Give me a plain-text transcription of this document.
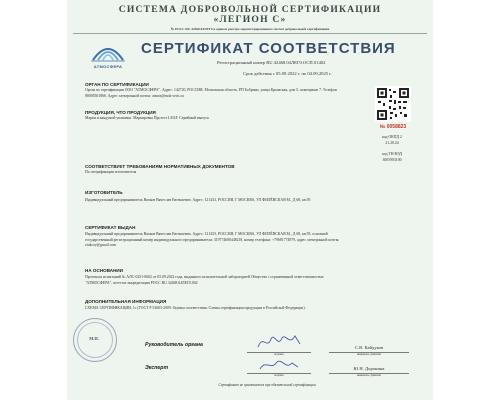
СИСТЕМА ДОБРОВОЛЬНОЙ СЕРТИФИКАЦИИ
«ЛЕГИОН С»
№ РОСС RU.З2468.04ЛЕГ0 в едином реестре зарегистрированных систем добровольной сертификации
АТМОСФЕРА
СЕРТИФИКАТ СООТВЕТСТВИЯ
Регистрационный номер RU.З2468.04ЛЕГ0.ОСП.01402
Срок действия с 05.09.2022 г. по 04.09.2025 г.
ОРГАН ПО СЕРТИФИКАЦИИ
Орган по сертификации ООО "АТМОСФЕРА". Адрес: 142720, РОССИЯ, Московская область, РП Бобрино, улица Крымская, дом 5, помещение 7. Телефон 88005501866. Адрес электронной почты: atmos@mok-serts.ru
№ 0058823
ПРОДУКЦИЯ, ЧТО ПРОДУКЦИЯ
Марки и кандумой упаковки. Маркировка Протест LEAF. Серийный выпуск
код ОКПД 2
21.20.24
код ТН ВЭД
3005903100
СООТВЕТСТВУЕТ ТРЕБОВАНИЯМ НОРМАТИВНЫХ ДОКУМЕНТОВ
По спецификации изготовителя
ИЗГОТОВИТЕЛЬ
Индивидуальный предприниматель Вяхков Вячеслав Евгеньевич. Адрес: 121433, РОССИЯ, Г МОСКВА, УЛ ФИЛЁВСКАЯ М., Д 68, кв.95
СЕРТИФИКАТ ВЫДАН
Индивидуальный предприниматель Вяхков Вячеслав Евгеньевич. Адрес: 121433, РОССИЯ, Г МОСКВА, УЛ ФИЛЁВСКАЯ М., Д 68, кв.95, основной государственный регистрационный номер индивидуального предпринимателя: 319774600448218, номер телефона: +79681774979, адрес электронной почты: viakroy@gmail.com
НА ОСНОВАНИИ
Протокола испытаний № АЛС-0251-0602 от 05.09.2022 года, выданного испытательной лабораторией Общества с ограниченной ответственностью "АТМОСФЕРА", аттестат аккредитации РОСС RU.32468.04ЛЕГ0.002
ДОПОЛНИТЕЛЬНАЯ ИНФОРМАЦИЯ
СХЕМА СЕРТИФИКАЦИИ: 1с (ГОСТ Р 53603-2009. Оценка соответствия. Схемы сертификации продукции в Российской Федерации).
М.П.
Руководитель органа
подпись
С.В. Кайдуков
инициалы, фамилия
Эксперт
подпись
Ю.Н. Доронина
инициалы, фамилия
Сертификат не применяется при обязательной сертификации
